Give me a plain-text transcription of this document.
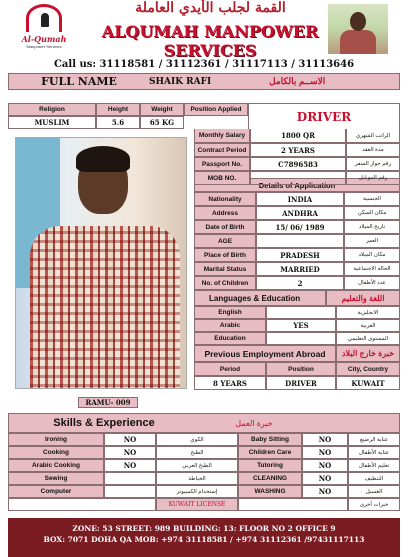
Al-Qumah
Manpower Services
القمة لجلب الأيدي العاملة
ALQUMAH MANPOWER SERVICES
Call us: 31118581 / 31112361 / 31117113 / 31113646
FULL NAME	SHAIK RAFI	الاســم بالكامل
Religion	Height	Weight	Position Applied	DRIVER
MUSLIM	5.6	65 KG
RAMU- 009
Details of Application
Languages & Education	اللغة والتعليم
Previous Employment Abroad	خبرة خارج البلاد
Period	Position	City, Country
8 YEARS	DRIVER	KUWAIT
Skills & Experience	خبرة العمل
KUWAIT LICENSE	خبرات أخرى
ZONE: 53 STREET: 989 BUILDING: 13: FLOOR NO 2 OFFICE 9
BOX: 7071 DOHA QA MOB: +974 31118581 / +974 31112361 /97431117113
Monthly Salary	1800 QR	الراتب الشهري
Contract Period	2 YEARS	مدة العقد
Passport No.	C7896583	رقم جواز السفر
MOB NO.	رقم الموبايل
Nationality	INDIA	الجنسية
Address	ANDHRA	مكان السكن
Date of Birth	15/ 06/ 1989	تاريخ الميلاد
AGE	العمر
Place of Birth	PRADESH	مكان الميلاد
Marital Status	MARRIED	الحالة الاجتماعية
No. of Children	2	عدد الأطفال
English	الانجليزية
Arabic	YES	العربية
Education	المستوى التعليمي
Ironing	NO	الكوي	Baby Sitting	NO	عناية الرضيع
Cooking	NO	الطبخ	Children Care	NO	عناية الأطفال
Arabic Cooking	NO	الطبخ العربي	Tutoring	NO	تعليم الأطفال
Sewing	الخياطة	CLEANING	NO	التنظيف
Computer	إستخدام الكمبيوتر	WASHING	NO	الغسيل
